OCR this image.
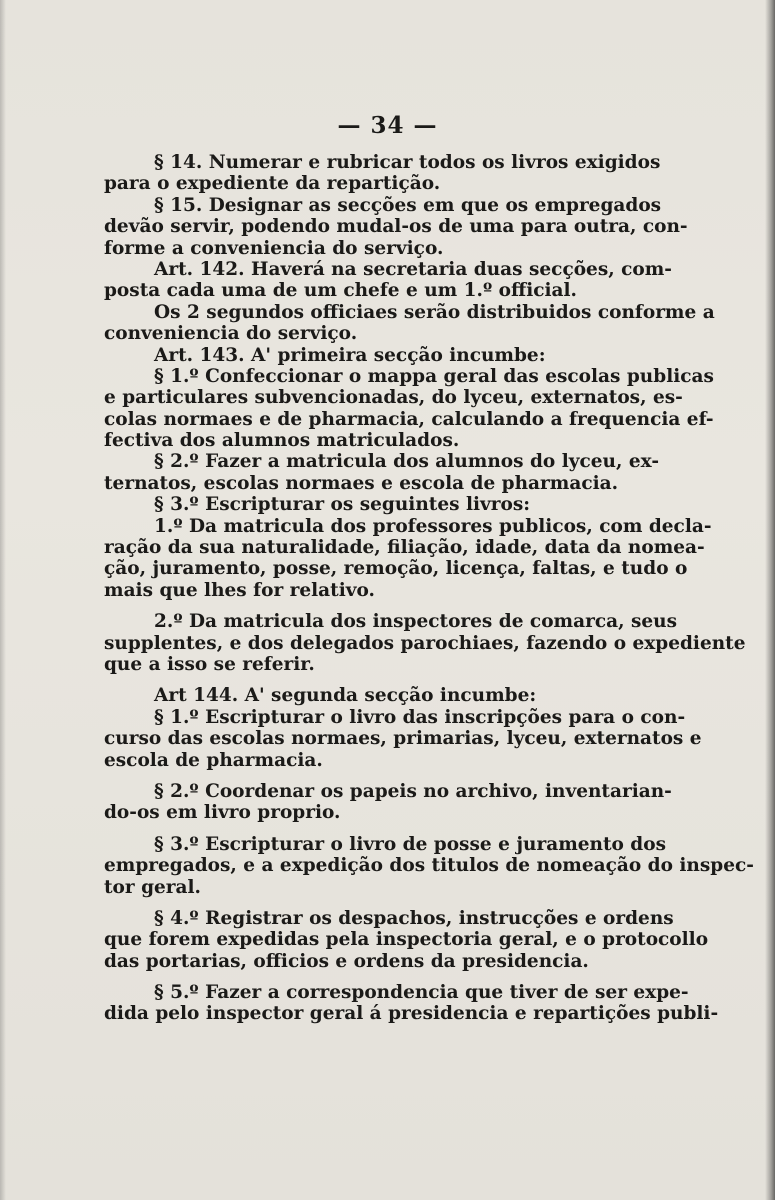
— 34 —
§ 14. Numerar e rubricar todos os livros exigidos
para o expediente da repartição.
§ 15. Designar as secções em que os empregados
devão servir, podendo mudal-os de uma para outra, con-
forme a conveniencia do serviço.
Art. 142. Haverá na secretaria duas secções, com-
posta cada uma de um chefe e um 1.º official.
Os 2 segundos officiaes serão distribuidos conforme a
conveniencia do serviço.
Art. 143. A' primeira secção incumbe:
§ 1.º Confeccionar o mappa geral das escolas publicas
e particulares subvencionadas, do lyceu, externatos, es-
colas normaes e de pharmacia, calculando a frequencia ef-
fectiva dos alumnos matriculados.
§ 2.º Fazer a matricula dos alumnos do lyceu, ex-
ternatos, escolas normaes e escola de pharmacia.
§ 3.º Escripturar os seguintes livros:
1.º Da matricula dos professores publicos, com decla-
ração da sua naturalidade, filiação, idade, data da nomea-
ção, juramento, posse, remoção, licença, faltas, e tudo o
mais que lhes for relativo.
2.º Da matricula dos inspectores de comarca, seus
supplentes, e dos delegados parochiaes, fazendo o expediente
que a isso se referir.
Art 144. A' segunda secção incumbe:
§ 1.º Escripturar o livro das inscripções para o con-
curso das escolas normaes, primarias, lyceu, externatos e
escola de pharmacia.
§ 2.º Coordenar os papeis no archivo, inventarian-
do-os em livro proprio.
§ 3.º Escripturar o livro de posse e juramento dos
empregados, e a expedição dos titulos de nomeação do inspec-
tor geral.
§ 4.º Registrar os despachos, instrucções e ordens
que forem expedidas pela inspectoria geral, e o protocollo
das portarias, officios e ordens da presidencia.
§ 5.º Fazer a correspondencia que tiver de ser expe-
dida pelo inspector geral á presidencia e repartições publi-
